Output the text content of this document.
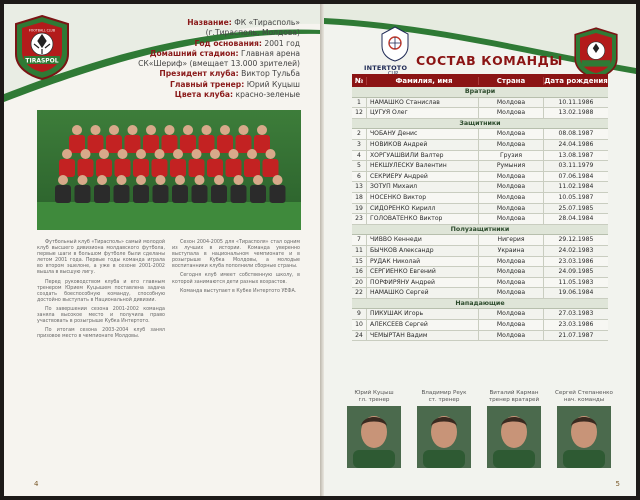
TIRASPOL
FOOTBALL CLUB
Название: ФК «Тирасполь»
(г.Тирасполь, Молдова)
Год основания: 2001 год
Домашний стадион: Главная арена
СК«Шериф» (вмещает 13.000 зрителей)
Президент клуба: Виктор Тульба
Главный тренер: Юрий Куцыш
Цвета клуба: красно-зеленые

Футбольный клуб «Тирасполь» самый молодой клуб высшего дивизиона молдавского футбола, первые шаги в большом футболе были сделаны летом 2001 года. Первые годы команда играла во втором эшелоне, а уже в сезоне 2001-2002 вышла в высшую лигу.

Перед руководством клуба и его главным тренером Юрием Куцышем поставлена задача создать боеспособную команду, способную достойно выступать в Национальной дивизии.

По завершении сезона 2001-2002 команда заняла высокое место и получила право участвовать в розыгрыше Кубка Интертото.

По итогам сезона 2003-2004 клуб занял призовое место в чемпионате Молдовы.

Сезон 2004-2005 для «Тирасполя» стал одним из лучших в истории. Команда уверенно выступала в национальном чемпионате и в розыгрыше Кубка Молдовы, а молодые воспитанники клуба пополнили сборные страны.

Сегодня клуб имеет собственную школу, в которой занимаются дети разных возрастов.

Команда выступает в Кубке Интертото УЕФА.

4
INTERTOTO СОСТАВ КОМАНДЫ
№	Фамилия, имя	Страна	Дата рождения
Вратари
1	НАМАШКО Станислав	Молдова	10.11.1986
12	ЦУГУЯ Олег	Молдова	13.02.1988
Защитники
2	ЧОБАНУ Денис	Молдова	08.08.1987
3	НОВИКОВ Андрей	Молдова	24.04.1986
4	ХОРГУАШВИЛИ Валтер	Грузия	13.08.1987
5	НЕКШУЛЕСКУ Валентин	Румыния	03.11.1979
6	СЕКРИЕРУ Андрей	Молдова	07.06.1984
13	ЗОТУП Михаил	Молдова	11.02.1984
18	НОСЕНКО Виктор	Молдова	10.05.1987
19	СИДОРЕНКО Кирилл	Молдова	25.07.1985
23	ГОЛОВАТЕНКО Виктор	Молдова	28.04.1984
Полузащитники
7	ЧИВВО Кеннеди	Нигерия	29.12.1985
11	БЫЧКОВ Александр	Украина	24.02.1983
15	РУДАК Николай	Молдова	23.03.1986
16	СЕРГИЕНКО Евгений	Молдова	24.09.1985
20	ПОРФИРЯНУ Андрей	Молдова	11.05.1983
22	НАМАШКО Сергей	Молдова	19.06.1984
Нападающие
9	ПИКУШАК Игорь	Молдова	27.03.1983
10	АЛЕКСЕЕВ Сергей	Молдова	23.03.1986
24	ЧЕМЫРТАН Вадим	Молдова	21.07.1987
Юрий Куцыш
гл. тренер
Владимир Реук
ст. тренер
Виталий Карман
тренер вратарей
Сергей Степаненко
нач. команды
5
